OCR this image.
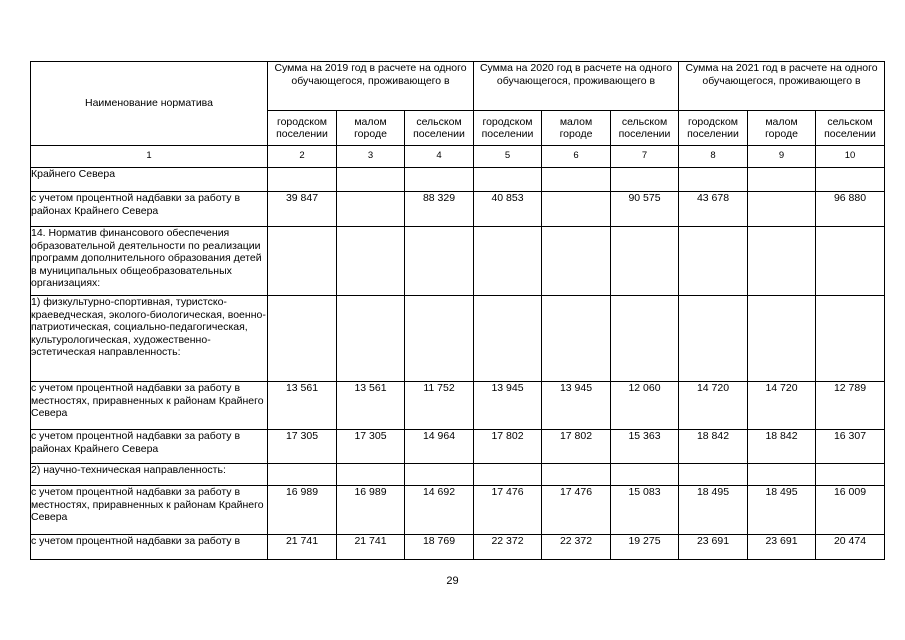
Наименование норматива	Сумма на 2019 год в расчете на одного обучающегося, проживающего в			Сумма на 2020 год в расчете на одного обучающегося, проживающего в			Сумма на 2021 год в расчете на одного обучающегося, проживающего в		
	городском поселении	малом городе	сельском поселении	городском поселении	малом городе	сельском поселении	городском поселении	малом городе	сельском поселении
1	2	3	4	5	6	7	8	9	10
Крайнего Севера									
с учетом процентной надбавки за работу в районах Крайнего Севера	39 847		88 329	40 853		90 575	43 678		96 880
14. Норматив финансового обеспечения образовательной деятельности по реализации программ дополнительного образования детей в муниципальных общеобразовательных организациях:									
1) физкультурно-спортивная, туристско-краеведческая, эколого-биологическая, военно-патриотическая, социально-педагогическая, культурологическая, художественно-эстетическая направленность:									
с учетом процентной надбавки за работу в местностях, приравненных к районам Крайнего Севера	13 561	13 561	11 752	13 945	13 945	12 060	14 720	14 720	12 789
с учетом процентной надбавки за работу в районах Крайнего Севера	17 305	17 305	14 964	17 802	17 802	15 363	18 842	18 842	16 307
2) научно-техническая направленность:									
с учетом процентной надбавки за работу в местностях, приравненных к районам Крайнего Севера	16 989	16 989	14 692	17 476	17 476	15 083	18 495	18 495	16 009
с учетом процентной надбавки за работу в	21 741	21 741	18 769	22 372	22 372	19 275	23 691	23 691	20 474
29
